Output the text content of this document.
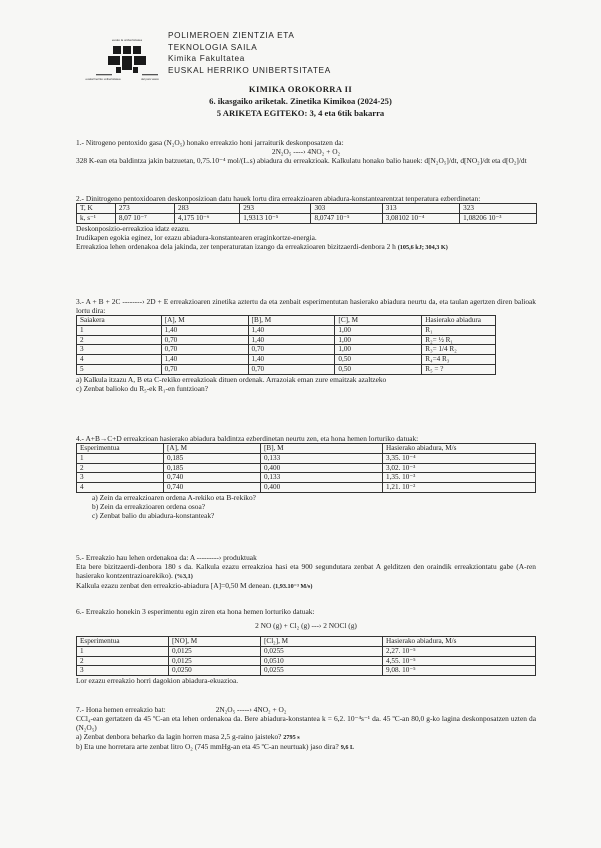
eusko la unibertsitatea
euskal herriko unibertsitatea	del país vasco
POLIMEROEN ZIENTZIA ETA
TEKNOLOGIA SAILA
Kimika Fakultatea
EUSKAL HERRIKO UNIBERTSITATEA
KIMIKA OROKORRA II
6. ikasgaiko ariketak. Zinetika Kimikoa (2024-25)
5 ARIKETA EGITEKO: 3, 4 eta 6tik bakarra

1.- Nitrogeno pentoxido gasa (N₂O₅) honako erreakzio honi jarraiturik deskonposatzen da:

2N₂O₅ ----› 4NO₂ + O₂

328 K-ean eta baldintza jakin batzuetan, 0,75.10⁻⁴ mol/(L.s) abiadura du erreakzioak. Kalkulatu honako balio hauek: d[N₂O₅]/dt, d[NO₂]/dt eta d[O₂]/dt

2.- Dinitrogeno pentoxidoaren deskonposizioan datu hauek lortu dira erreakzioaren abiadura-konstantearentzat tenperatura ezberdinetan:

T, K	273	283	293	303	313	323
k, s⁻¹	8,07 10⁻⁷	4,175 10⁻⁶	1,9313 10⁻⁵	8,0747 10⁻⁵	3,08102 10⁻⁴	1,08206 10⁻³

Deskonposizio-erreakzioa idatz ezazu.

Irudikapen egokia eginez, lor ezazu abiadura-konstantearen eraginkortze-energia.

Erreakzioa lehen ordenakoa dela jakinda, zer tenperaturatan izango da erreakzioaren bizitzaerdi-denbora 2 h (105,6 kJ; 304,3 K)

3.- A + B + 2C --------› 2D + E erreakzioaren zinetika aztertu da eta zenbait esperimentutan hasierako abiadura neurtu da, eta taulan agertzen diren balioak lortu dira:

Saiakera	[A], M	[B], M	[C], M	Hasierako abiadura
1	1,40	1,40	1,00	R₁
2	0,70	1,40	1,00	R₂= ½ R₁
3	0,70	0,70	1,00	R₃= 1/4 R₂
4	1,40	1,40	0,50	R₄=4 R₃
5	0,70	0,70	0,50	R₅ = ?

a) Kalkula itzazu A, B eta C-rekiko erreakzioak dituen ordenak. Arrazoiak eman zure emaitzak azaltzeko

c) Zenbat balioko du R₅-ek R₁-en funtzioan?

4.- A+B→C+D erreakzioan hasierako abiadura baldintza ezberdinetan neurtu zen, eta hona hemen lorturiko datuak:

Esperimentua	[A], M	[B], M	Hasierako abiadura, M/s
1	0,185	0,133	3,35. 10⁻⁴
2	0,185	0,400	3,02. 10⁻³
3	0,740	0,133	1,35. 10⁻³
4	0,740	0,400	1,21. 10⁻²

a) Zein da erreakzioaren ordena A-rekiko eta B-rekiko?

b) Zein da erreakzioaren ordena osoa?

c) Zenbat balio du abiadura-konstanteak?

5.- Erreakzio hau lehen ordenakoa da: A ---------› produktuak

Eta bere bizitzaerdi-denbora 180 s da. Kalkula ezazu erreakzioa hasi eta 900 segundutara zenbat A gelditzen den oraindik erreakziontatu gabe (A-ren hasierako kontzentrazioarekiko). (%3,1)

Kalkula ezazu zenbat den erreakzio-abiadura [A]=0,50 M denean. (1,93.10⁻³ M/s)

6.- Erreakzio honekin 3 esperimentu egin ziren eta hona hemen lorturiko datuak:

2 NO (g) + Cl₂ (g) ---› 2 NOCl (g)

Esperimentua	[NO], M	[Cl₂], M	Hasierako abiadura, M/s
1	0,0125	0,0255	2,27. 10⁻⁵
2	0,0125	0,0510	4,55. 10⁻⁵
3	0,0250	0,0255	9,08. 10⁻⁵

Lor ezazu erreakzio horri dagokion abiadura-ekuazioa.

7.- Hona hemen erreakzio bat:	2N₂O₅ -----› 4NO₂ + O₂

CCl₄-ean gertatzen da 45 ºC-an eta lehen ordenakoa da. Bere abiadura-konstantea k = 6,2. 10⁻⁴s⁻¹ da. 45 ºC-an 80,0 g-ko lagina deskonposatzen uzten da (N₂O₅)

a) Zenbat denbora beharko da lagin horren masa 2,5 g-raino jaisteko? 2795 s

b) Eta une horretara arte zenbat litro O₂ (745 mmHg-an eta 45 ºC-an neurtuak) jaso dira? 9,6 L
